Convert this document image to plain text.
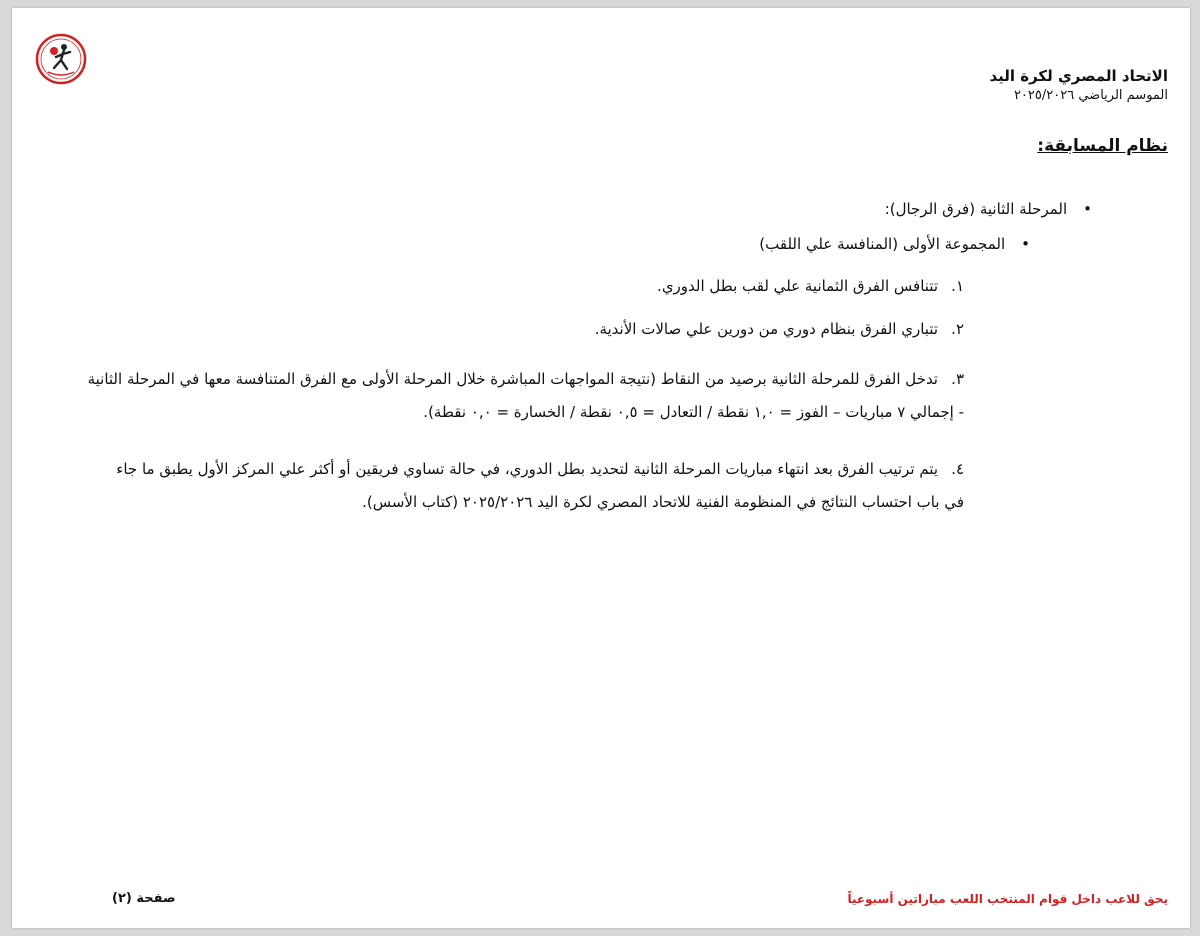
الاتحاد المصري لكرة اليد
الموسم الرياضي ٢٠٢٥/٢٠٢٦
نظام المسابقة:
•المرحلة الثانية (فرق الرجال):
•المجموعة الأولى (المنافسة علي اللقب)
١.تتنافس الفرق الثمانية علي لقب بطل الدوري.
٢.تتباري الفرق بنظام دوري من دورين علي صالات الأندية.
٣.تدخل الفرق للمرحلة الثانية برصيد من النقاط (نتيجة المواجهات المباشرة خلال المرحلة الأولى مع الفرق المتنافسة معها في المرحلة الثانية
- إجمالي ٧ مباريات – الفوز = ١,٠ نقطة / التعادل = ٠,٥ نقطة / الخسارة = ٠,٠ نقطة).
٤.يتم ترتيب الفرق بعد انتهاء مباريات المرحلة الثانية لتحديد بطل الدوري، في حالة تساوي فريقين أو أكثر علي المركز الأول يطبق ما جاء
في باب احتساب النتائج في المنظومة الفنية للاتحاد المصري لكرة اليد ٢٠٢٥/٢٠٢٦ (كتاب الأسس).
يحق للاعب داخل قوام المنتخب اللعب مباراتين أسبوعياً
صفحة (٢)
